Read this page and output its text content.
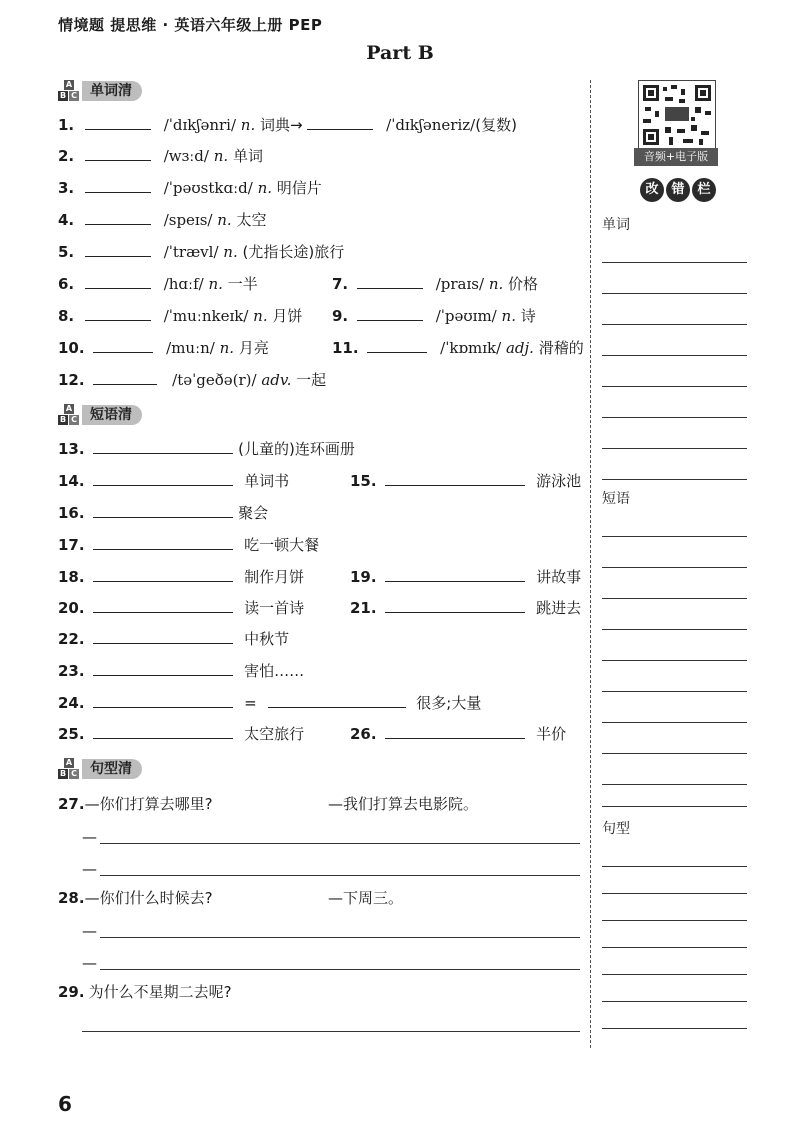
情境题 提思维 · 英语六年级上册 PEP
Part B
A
B C 单词清
1.	/ˈdɪkʃənri/ n. 词典→	/ˈdɪkʃəneriz/(复数)
2.	/wɜːd/ n. 单词
3.	/ˈpəʊstkɑːd/ n. 明信片
4.	/speɪs/ n. 太空
5.	/ˈtrævl/ n. (尤指长途)旅行
6.	/hɑːf/ n. 一半	7.	/praɪs/ n. 价格
8.	/ˈmuːnkeɪk/ n. 月饼 9.	/ˈpəʊɪm/ n. 诗
10.	/muːn/ n. 月亮	11.	/ˈkɒmɪk/ adj. 滑稽的
12.	/təˈgeðə(r)/ adv. 一起
A
B C 短语清
13.	(儿童的)连环画册
14.	单词书	15.	游泳池
16.	聚会
17.	吃一顿大餐
18.	制作月饼	19.	讲故事
20.	读一首诗	21.	跳进去
22.	中秋节
23.	害怕……
24.	=	很多;大量
25.	太空旅行	26.	半价
A
B C 句型清
27.—你们打算去哪里?	—我们打算去电影院。
—
—
28.—你们什么时候去?	—下周三。
—
—
29. 为什么不星期二去呢?
音频+电子版
改 错 栏
单词
短语
句型
6
